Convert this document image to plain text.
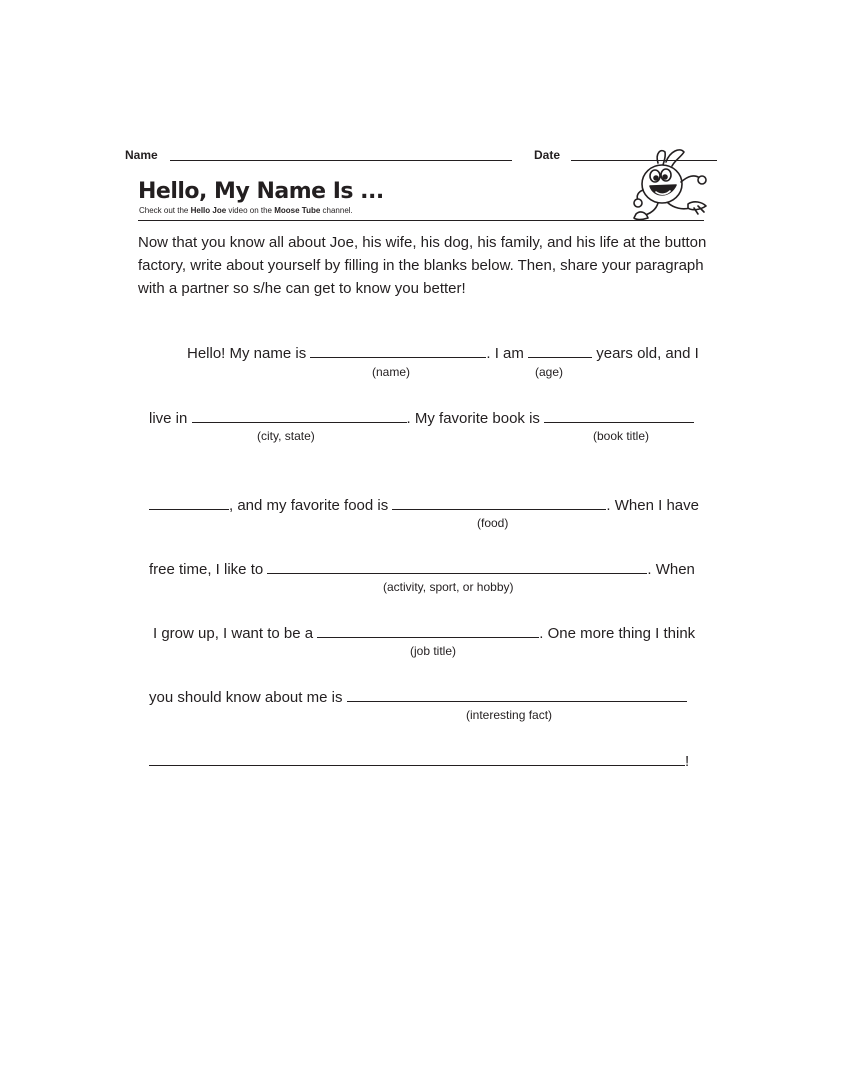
Name	Date
Hello, My Name Is ...
Check out the Hello Joe video on the Moose Tube channel.
Now that you know all about Joe, his wife, his dog, his family, and his life at the button factory, write about yourself by filling in the blanks below. Then, share your paragraph with a partner so s/he can get to know you better!
Hello! My name is	. I am	years old, and I
(name)	(age)
live in	. My favorite book is
(city, state)	(book title)
, and my favorite food is	. When I have
(food)
free time, I like to	. When
(activity, sport, or hobby)
I grow up, I want to be a	. One more thing I think
(job title)
you should know about me is
(interesting fact)
!
